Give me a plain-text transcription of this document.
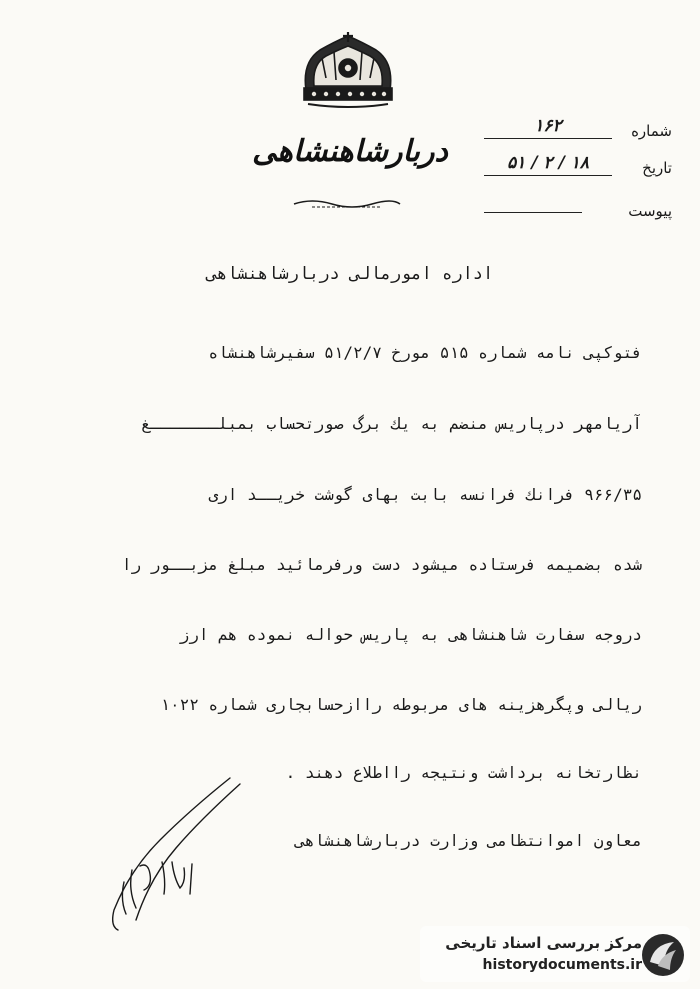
دربارشاهنشاهی
شماره
۱۶۲
تاریخ
۱۸ / ۲ / ۵۱
پیوست
اداره امورمالی دربارشاهنشاهی
فتوکپی نامه شماره ۵۱۵ مورخ ۵۱/۲/۷ سفیرشاهنشاه
آریامهر درپاریس منضم به یك برگ صورتحساب بمبلـــــــغ
۹۶۶/۳۵ فرانك فرانسه بابت بهای گوشت خریــد اری
شده بضمیمه فرستاده میشود دست ورفرمائید مبلغ مزبــور را
دروجه سفارت شاهنشاهی به پاریس حواله نموده هم ارز
ریالی وپگرهزینه های مربوطه راازحسابجاری شماره ۱۰۲۲
نظارتخانه برداشت ونتیجه رااطلاع دهند .
معاون اموانتظامی وزارت دربارشاهنشاهی
مرکز بررسی اسناد تاریخی
historydocuments.ir
